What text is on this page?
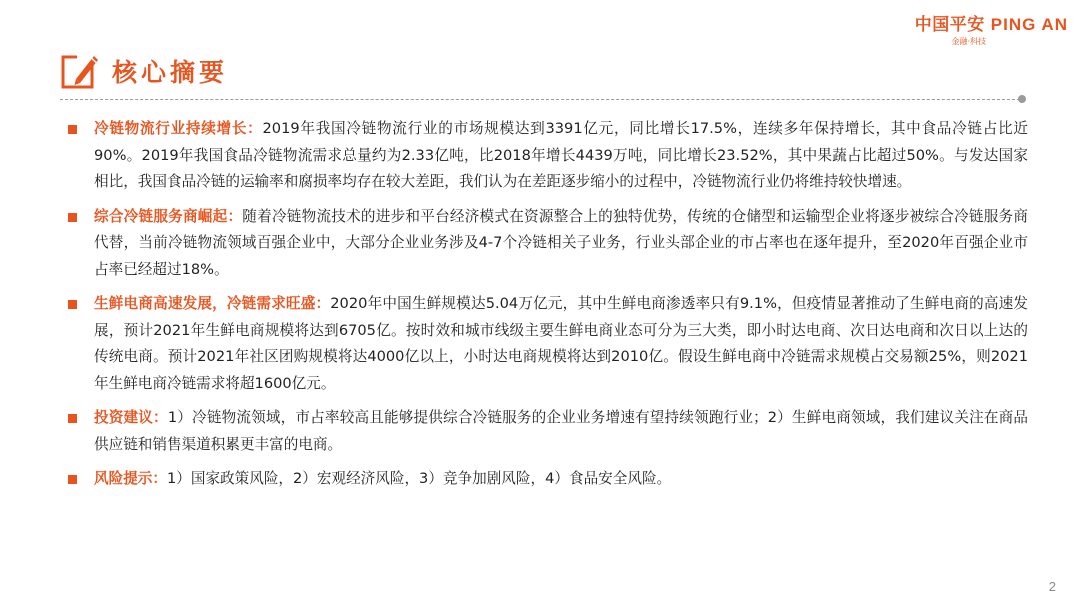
中国平安 PING AN
金融·科技
核心摘要
冷链物流行业持续增长：2019年我国冷链物流行业的市场规模达到3391亿元，同比增长17.5%，连续多年保持增长，其中食品冷链占比近90%。2019年我国食品冷链物流需求总量约为2.33亿吨，比2018年增长4439万吨，同比增长23.52%，其中果蔬占比超过50%。与发达国家相比，我国食品冷链的运输率和腐损率均存在较大差距，我们认为在差距逐步缩小的过程中，冷链物流行业仍将维持较快增速。
综合冷链服务商崛起：随着冷链物流技术的进步和平台经济模式在资源整合上的独特优势，传统的仓储型和运输型企业将逐步被综合冷链服务商代替，当前冷链物流领域百强企业中，大部分企业业务涉及4-7个冷链相关子业务，行业头部企业的市占率也在逐年提升，至2020年百强企业市占率已经超过18%。
生鲜电商高速发展，冷链需求旺盛：2020年中国生鲜规模达5.04万亿元，其中生鲜电商渗透率只有9.1%，但疫情显著推动了生鲜电商的高速发展，预计2021年生鲜电商规模将达到6705亿。按时效和城市线级主要生鲜电商业态可分为三大类，即小时达电商、次日达电商和次日以上达的传统电商。预计2021年社区团购规模将达4000亿以上，小时达电商规模将达到2010亿。假设生鲜电商中冷链需求规模占交易额25%，则2021年生鲜电商冷链需求将超1600亿元。
投资建议：1）冷链物流领域，市占率较高且能够提供综合冷链服务的企业业务增速有望持续领跑行业；2）生鲜电商领域，我们建议关注在商品供应链和销售渠道积累更丰富的电商。
风险提示：1）国家政策风险，2）宏观经济风险，3）竞争加剧风险，4）食品安全风险。
2
